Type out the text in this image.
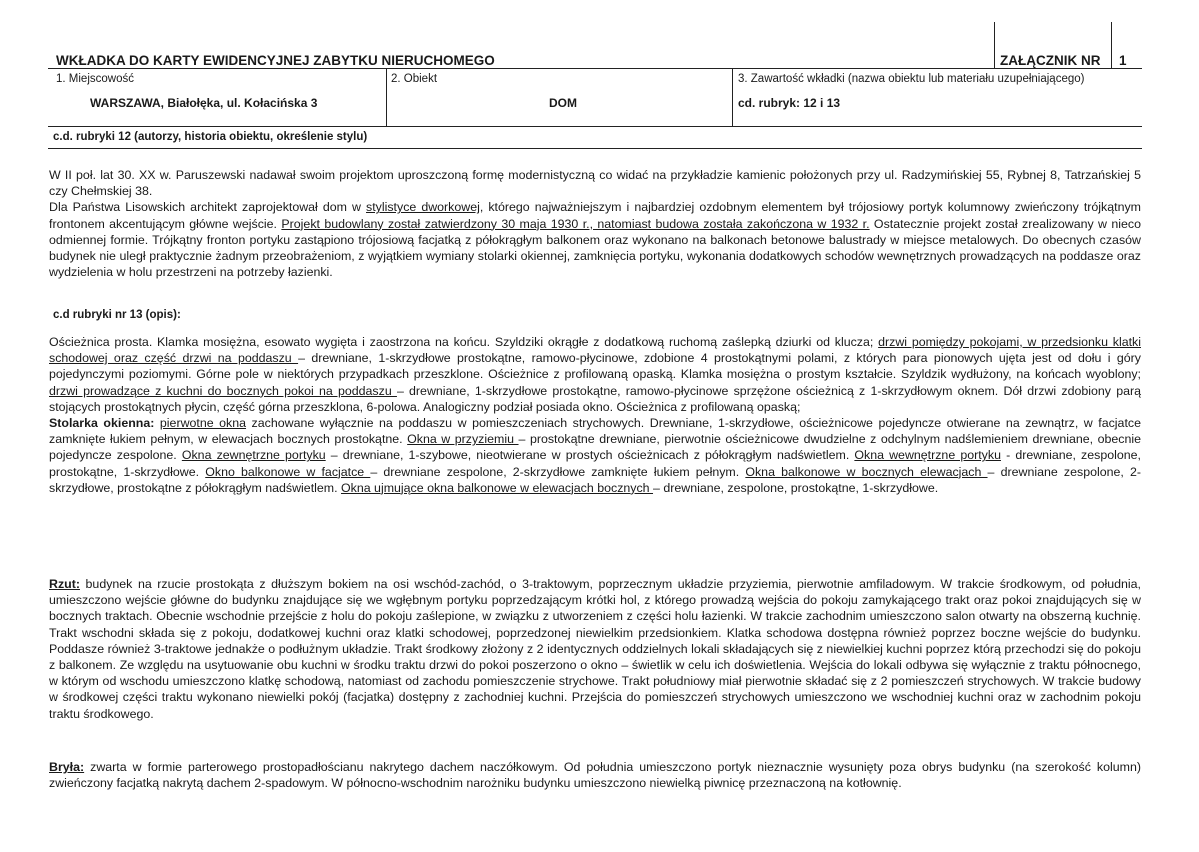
WKŁADKA DO KARTY EWIDENCYJNEJ ZABYTKU NIERUCHOMEGO	ZAŁĄCZNIK NR 1
1. Miejscowość
WARSZAWA, Białołęka, ul. Kołacińska 3
2. Obiekt
DOM
3. Zawartość wkładki (nazwa obiektu lub materiału uzupełniającego)
cd. rubryk: 12 i 13
c.d. rubryki 12 (autorzy, historia obiektu, określenie stylu)

W II poł. lat 30. XX w. Paruszewski nadawał swoim projektom uproszczoną formę modernistyczną co widać na przykładzie kamienic położonych przy ul. Radzymińskiej 55, Rybnej 8, Tatrzańskiej 5 czy Chełmskiej 38.

Dla Państwa Lisowskich architekt zaprojektował dom w stylistyce dworkowej, którego najważniejszym i najbardziej ozdobnym elementem był trójosiowy portyk kolumnowy zwieńczony trójkątnym frontonem akcentującym główne wejście. Projekt budowlany został zatwierdzony 30 maja 1930 r., natomiast budowa została zakończona w 1932 r. Ostatecznie projekt został zrealizowany w nieco odmiennej formie. Trójkątny fronton portyku zastąpiono trójosiową facjatką z półokrągłym balkonem oraz wykonano na balkonach betonowe balustrady w miejsce metalowych. Do obecnych czasów budynek nie uległ praktycznie żadnym przeobrażeniom, z wyjątkiem wymiany stolarki okiennej, zamknięcia portyku, wykonania dodatkowych schodów wewnętrznych prowadzących na poddasze oraz wydzielenia w holu przestrzeni na potrzeby łazienki.

c.d rubryki nr 13 (opis):

Ościeżnica prosta. Klamka mosiężna, esowato wygięta i zaostrzona na końcu. Szyldziki okrągłe z dodatkową ruchomą zaślepką dziurki od klucza; drzwi pomiędzy pokojami, w przedsionku klatki schodowej oraz część drzwi na poddaszu – drewniane, 1-skrzydłowe prostokątne, ramowo-płycinowe, zdobione 4 prostokątnymi polami, z których para pionowych ujęta jest od dołu i góry pojedynczymi poziomymi. Górne pole w niektórych przypadkach przeszklone. Ościeżnice z profilowaną opaską. Klamka mosiężna o prostym kształcie. Szyldzik wydłużony, na końcach wyoblony; drzwi prowadzące z kuchni do bocznych pokoi na poddaszu – drewniane, 1-skrzydłowe prostokątne, ramowo-płycinowe sprzężone ościeżnicą z 1-skrzydłowym oknem. Dół drzwi zdobiony parą stojących prostokątnych płycin, część górna przeszklona, 6-polowa. Analogiczny podział posiada okno. Ościeżnica z profilowaną opaską;

Stolarka okienna: pierwotne okna zachowane wyłącznie na poddaszu w pomieszczeniach strychowych. Drewniane, 1-skrzydłowe, ościeżnicowe pojedyncze otwierane na zewnątrz, w facjatce zamknięte łukiem pełnym, w elewacjach bocznych prostokątne. Okna w przyziemiu – prostokątne drewniane, pierwotnie ościeżnicowe dwudzielne z odchylnym nadślemieniem drewniane, obecnie pojedyncze zespolone. Okna zewnętrzne portyku – drewniane, 1-szybowe, nieotwierane w prostych ościeżnicach z półokrągłym nadświetlem. Okna wewnętrzne portyku - drewniane, zespolone, prostokątne, 1-skrzydłowe. Okno balkonowe w facjatce – drewniane zespolone, 2-skrzydłowe zamknięte łukiem pełnym. Okna balkonowe w bocznych elewacjach – drewniane zespolone, 2-skrzydłowe, prostokątne z półokrągłym nadświetlem. Okna ujmujące okna balkonowe w elewacjach bocznych – drewniane, zespolone, prostokątne, 1-skrzydłowe.

Rzut: budynek na rzucie prostokąta z dłuższym bokiem na osi wschód-zachód, o 3-traktowym, poprzecznym układzie przyziemia, pierwotnie amfiladowym. W trakcie środkowym, od południa, umieszczono wejście główne do budynku znajdujące się we wgłębnym portyku poprzedzającym krótki hol, z którego prowadzą wejścia do pokoju zamykającego trakt oraz pokoi znajdujących się w bocznych traktach. Obecnie wschodnie przejście z holu do pokoju zaślepione, w związku z utworzeniem z części holu łazienki. W trakcie zachodnim umieszczono salon otwarty na obszerną kuchnię. Trakt wschodni składa się z pokoju, dodatkowej kuchni oraz klatki schodowej, poprzedzonej niewielkim przedsionkiem. Klatka schodowa dostępna również poprzez boczne wejście do budynku. Poddasze również 3-traktowe jednakże o podłużnym układzie. Trakt środkowy złożony z 2 identycznych oddzielnych lokali składających się z niewielkiej kuchni poprzez którą przechodzi się do pokoju z balkonem. Ze względu na usytuowanie obu kuchni w środku traktu drzwi do pokoi poszerzono o okno – świetlik w celu ich doświetlenia. Wejścia do lokali odbywa się wyłącznie z traktu północnego, w którym od wschodu umieszczono klatkę schodową, natomiast od zachodu pomieszczenie strychowe. Trakt południowy miał pierwotnie składać się z 2 pomieszczeń strychowych. W trakcie budowy w środkowej części traktu wykonano niewielki pokój (facjatka) dostępny z zachodniej kuchni. Przejścia do pomieszczeń strychowych umieszczono we wschodniej kuchni oraz w zachodnim pokoju traktu środkowego.

Bryła: zwarta w formie parterowego prostopadłościanu nakrytego dachem naczółkowym. Od południa umieszczono portyk nieznacznie wysunięty poza obrys budynku (na szerokość kolumn) zwieńczony facjatką nakrytą dachem 2-spadowym. W północno-wschodnim narożniku budynku umieszczono niewielką piwnicę przeznaczoną na kotłownię.
